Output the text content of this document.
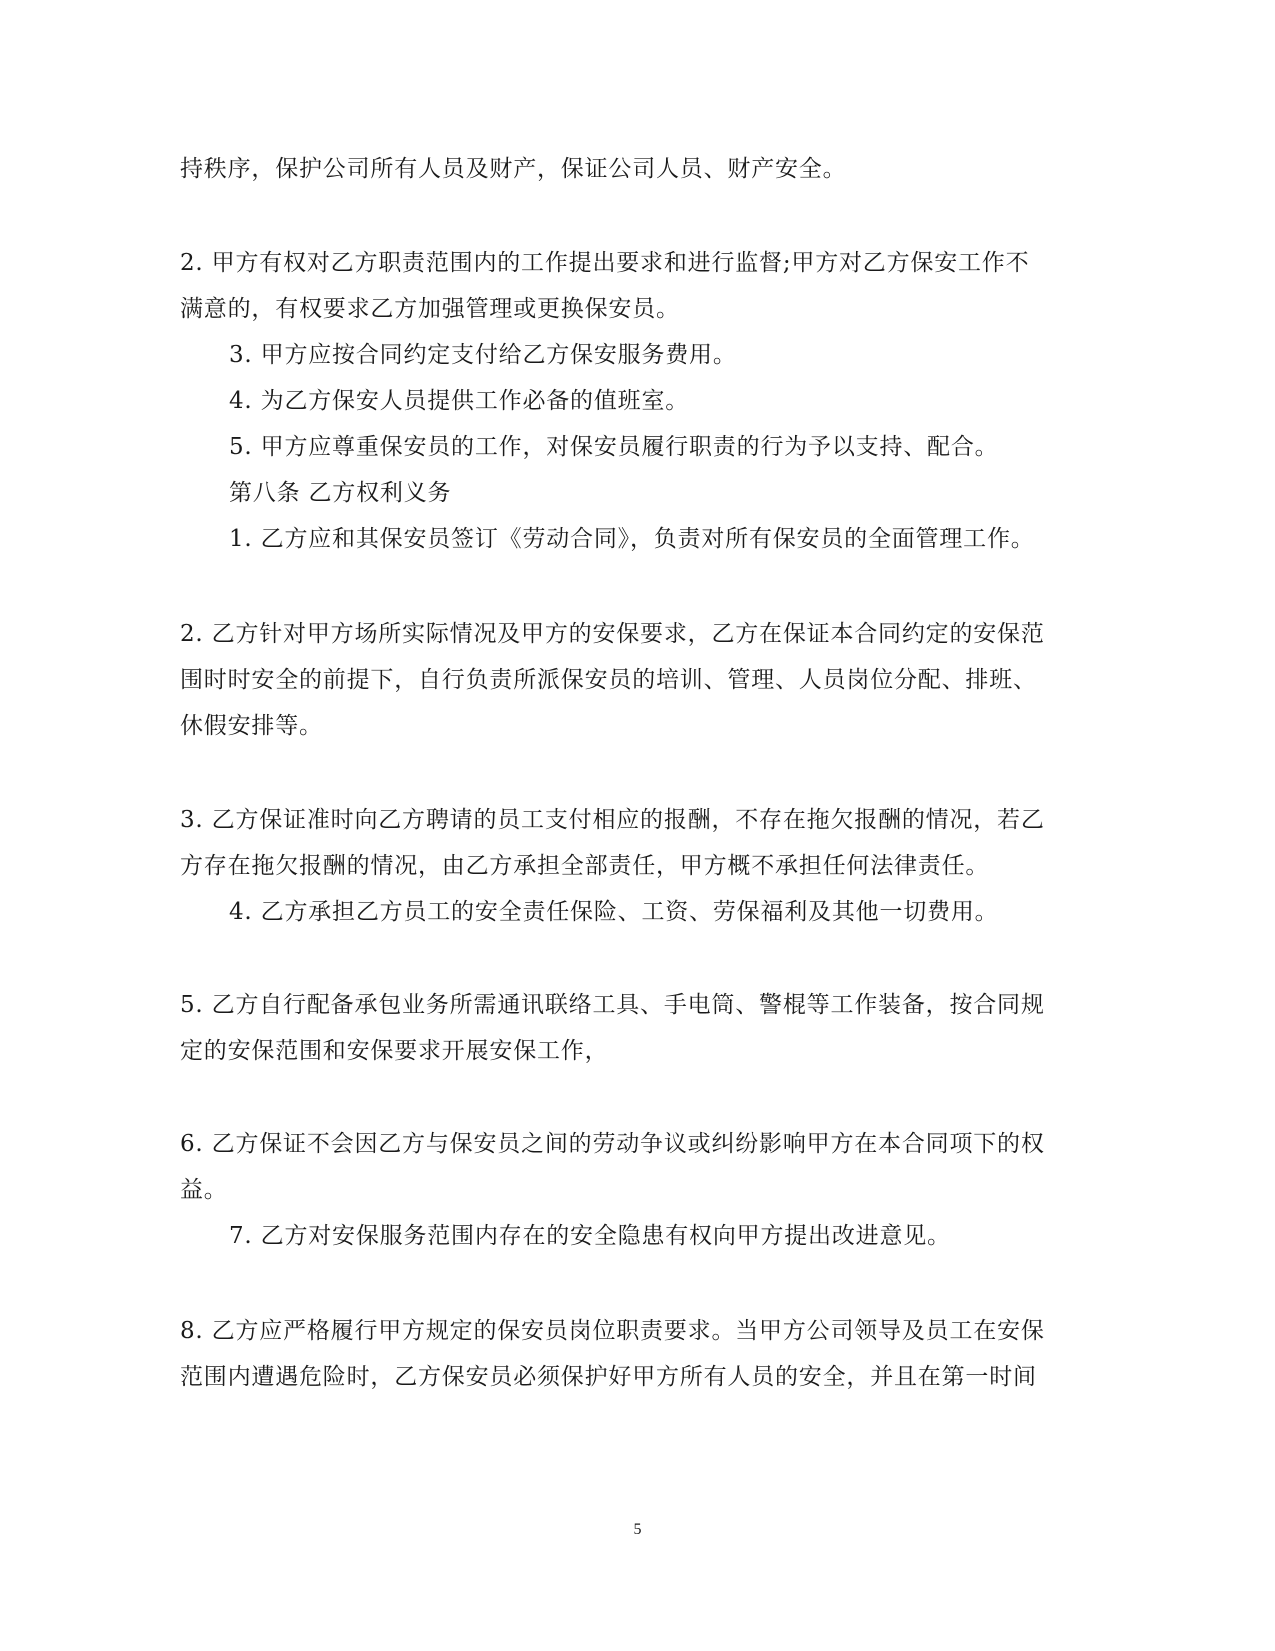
持秩序，保护公司所有人员及财产，保证公司人员、财产安全。

2. 甲方有权对乙方职责范围内的工作提出要求和进行监督;甲方对乙方保安工作不

满意的，有权要求乙方加强管理或更换保安员。

3. 甲方应按合同约定支付给乙方保安服务费用。

4. 为乙方保安人员提供工作必备的值班室。

5. 甲方应尊重保安员的工作，对保安员履行职责的行为予以支持、配合。

第八条 乙方权利义务

1. 乙方应和其保安员签订《劳动合同》，负责对所有保安员的全面管理工作。

2. 乙方针对甲方场所实际情况及甲方的安保要求，乙方在保证本合同约定的安保范

围时时安全的前提下，自行负责所派保安员的培训、管理、人员岗位分配、排班、

休假安排等。

3. 乙方保证准时向乙方聘请的员工支付相应的报酬，不存在拖欠报酬的情况，若乙

方存在拖欠报酬的情况，由乙方承担全部责任，甲方概不承担任何法律责任。

4. 乙方承担乙方员工的安全责任保险、工资、劳保福利及其他一切费用。

5. 乙方自行配备承包业务所需通讯联络工具、手电筒、警棍等工作装备，按合同规

定的安保范围和安保要求开展安保工作，

6. 乙方保证不会因乙方与保安员之间的劳动争议或纠纷影响甲方在本合同项下的权

益。

7. 乙方对安保服务范围内存在的安全隐患有权向甲方提出改进意见。

8. 乙方应严格履行甲方规定的保安员岗位职责要求。当甲方公司领导及员工在安保

范围内遭遇危险时，乙方保安员必须保护好甲方所有人员的安全，并且在第一时间

5
